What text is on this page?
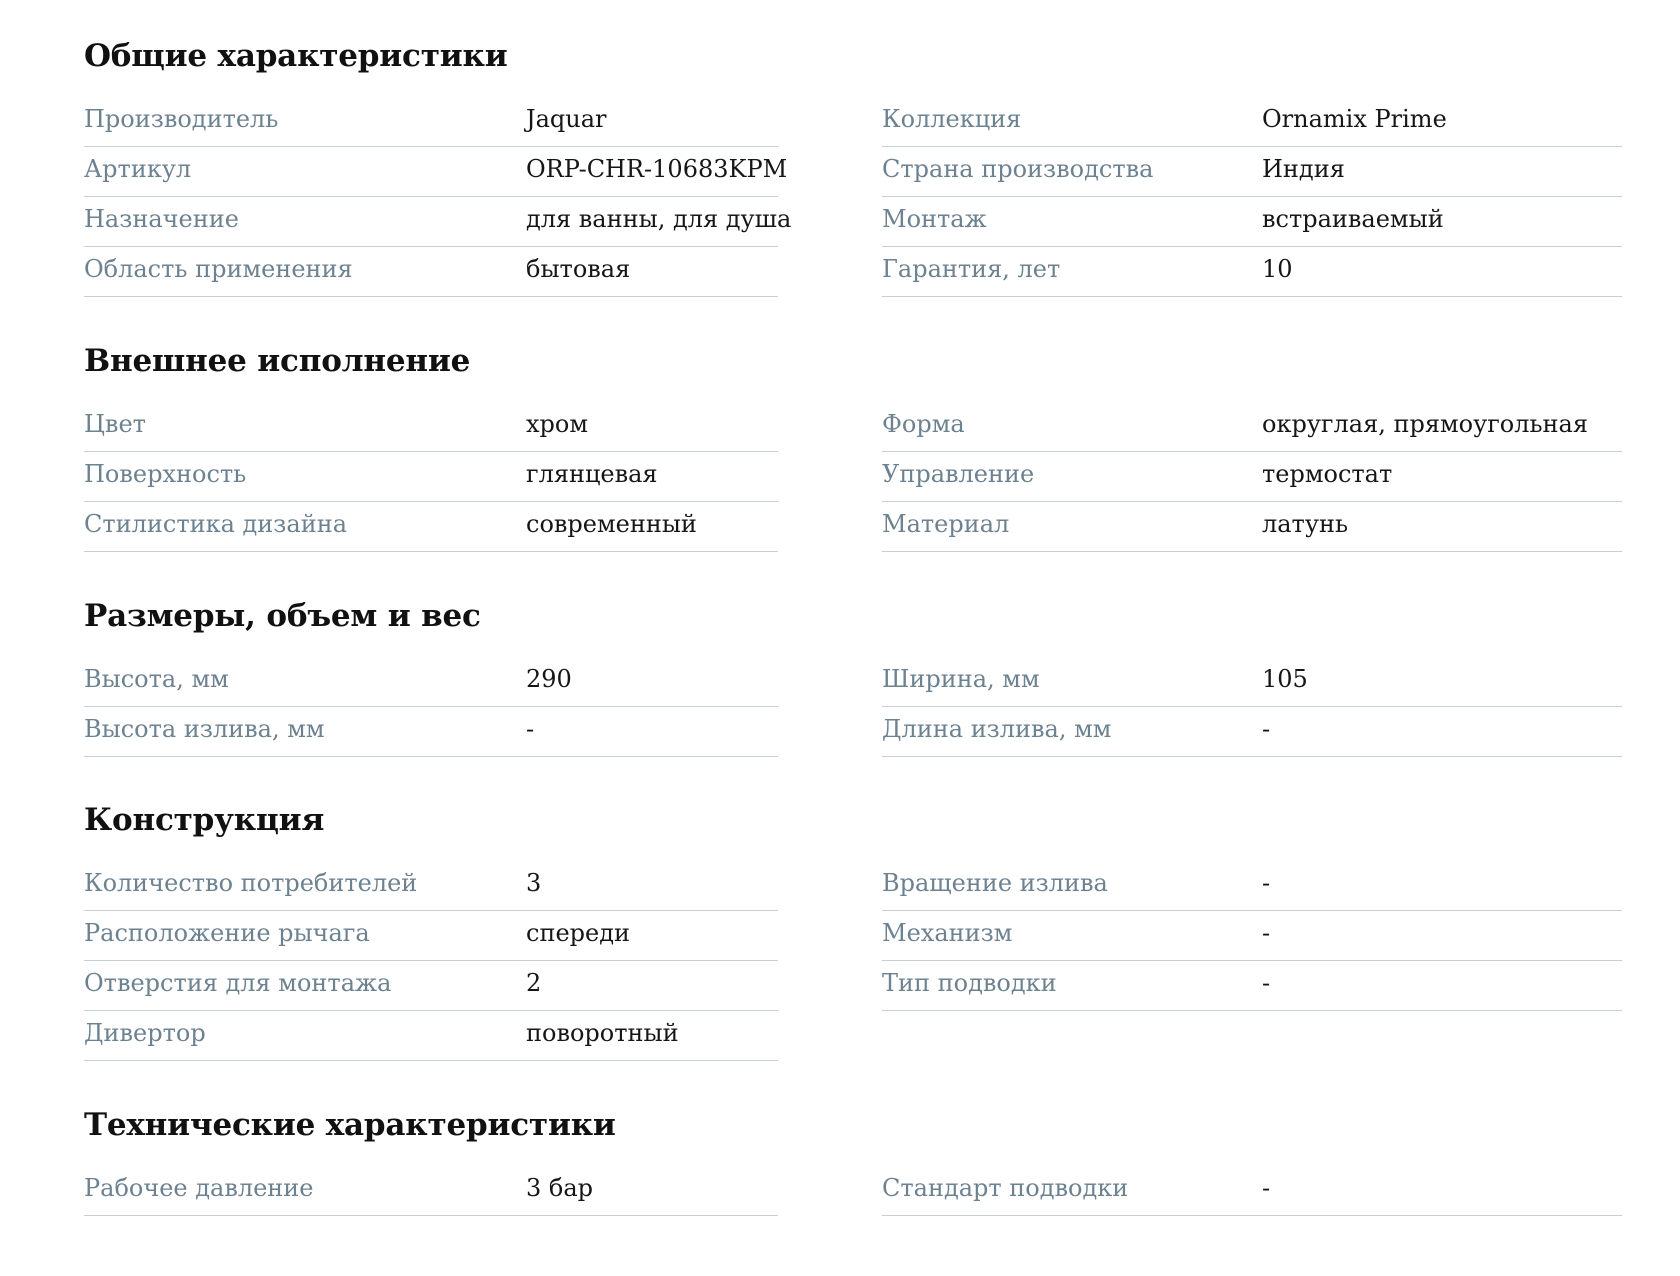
Общие характеристики
Производитель	Jaquar
Артикул	ORP-CHR-10683KPM
Назначение	для ванны, для душа
Область применения	бытовая
Коллекция	Ornamix Prime
Страна производства	Индия
Монтаж	встраиваемый
Гарантия, лет	10
Внешнее исполнение
Цвет	хром
Поверхность	глянцевая
Стилистика дизайна	современный
Форма	округлая, прямоугольная
Управление	термостат
Материал	латунь
Размеры, объем и вес
Высота, мм	290
Высота излива, мм	-
Ширина, мм	105
Длина излива, мм	-
Конструкция
Количество потребителей	3
Расположение рычага	спереди
Отверстия для монтажа	2
Дивертор	поворотный
Вращение излива	-
Механизм	-
Тип подводки	-
Технические характеристики
Рабочее давление	3 бар	Стандарт подводки	-
